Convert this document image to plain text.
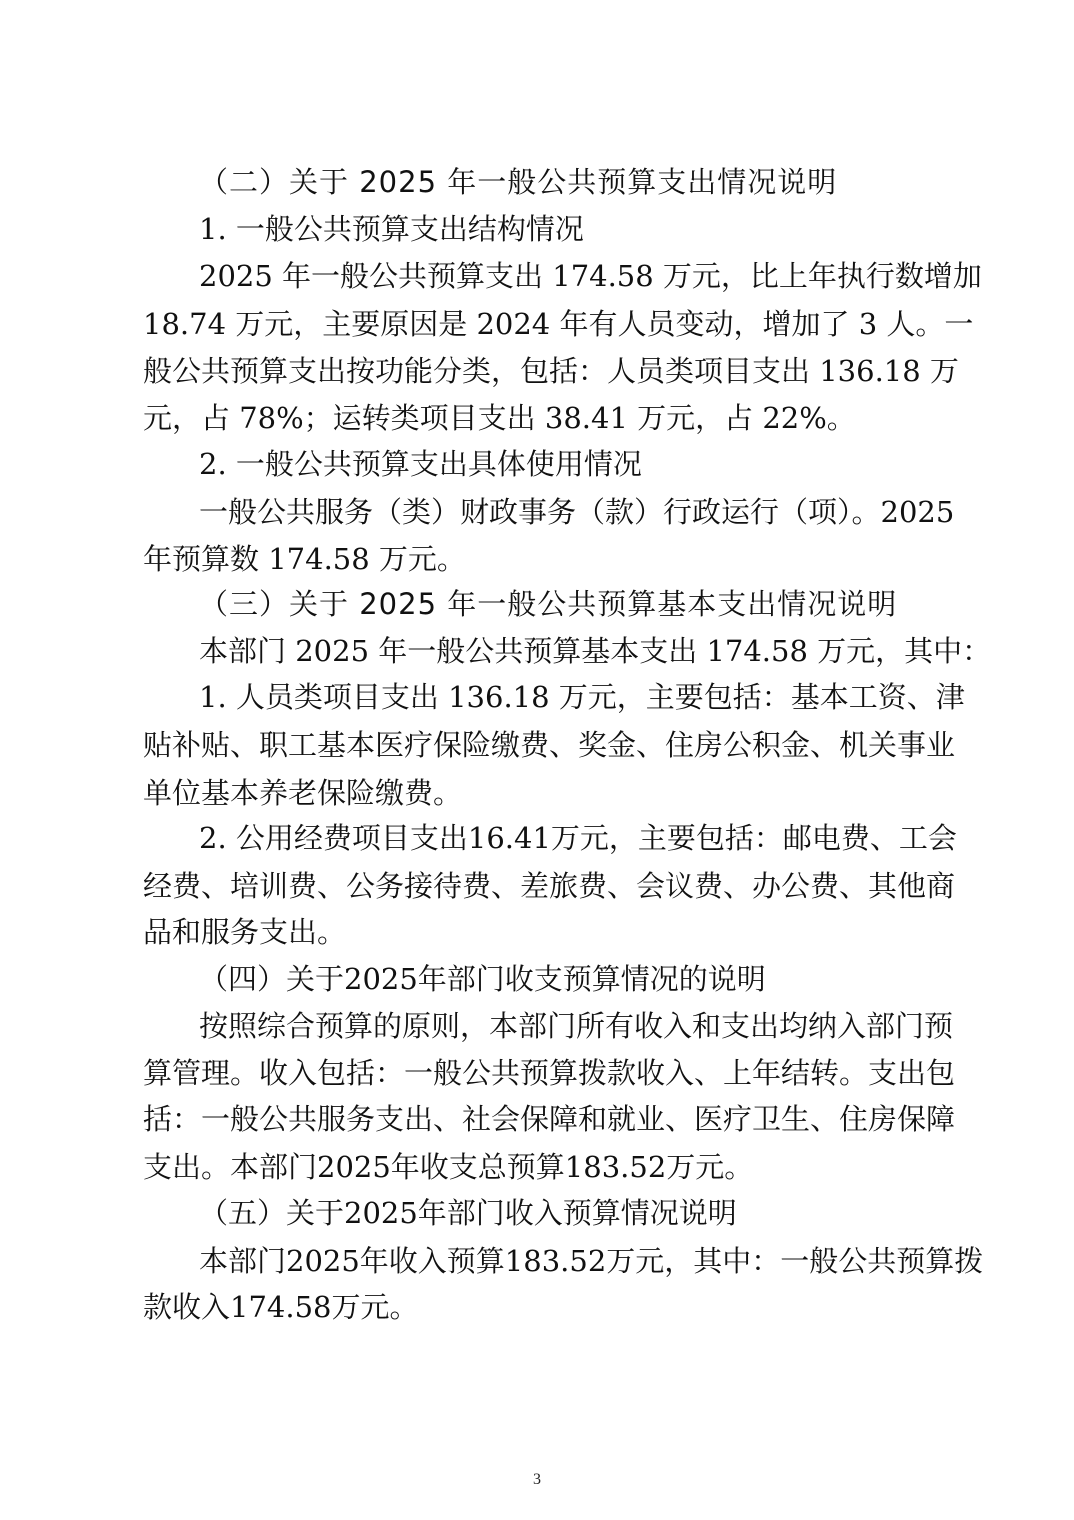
（二）关于 2025 年一般公共预算支出情况说明
1. 一般公共预算支出结构情况
2025 年一般公共预算支出 174.58 万元，比上年执行数增加
18.74 万元，主要原因是 2024 年有人员变动，增加了 3 人。一
般公共预算支出按功能分类，包括：人员类项目支出 136.18 万
元，占 78%；运转类项目支出 38.41 万元，占 22%。
2. 一般公共预算支出具体使用情况
一般公共服务（类）财政事务（款）行政运行（项）。2025
年预算数 174.58 万元。
（三）关于 2025 年一般公共预算基本支出情况说明
本部门 2025 年一般公共预算基本支出 174.58 万元，其中：
1. 人员类项目支出 136.18 万元，主要包括：基本工资、津
贴补贴、职工基本医疗保险缴费、奖金、住房公积金、机关事业
单位基本养老保险缴费。
2. 公用经费项目支出16.41万元，主要包括：邮电费、工会
经费、培训费、公务接待费、差旅费、会议费、办公费、其他商
品和服务支出。
（四）关于2025年部门收支预算情况的说明
按照综合预算的原则，本部门所有收入和支出均纳入部门预
算管理。收入包括：一般公共预算拨款收入、上年结转。支出包
括：一般公共服务支出、社会保障和就业、医疗卫生、住房保障
支出。本部门2025年收支总预算183.52万元。
（五）关于2025年部门收入预算情况说明
本部门2025年收入预算183.52万元，其中：一般公共预算拨
款收入174.58万元。
3
